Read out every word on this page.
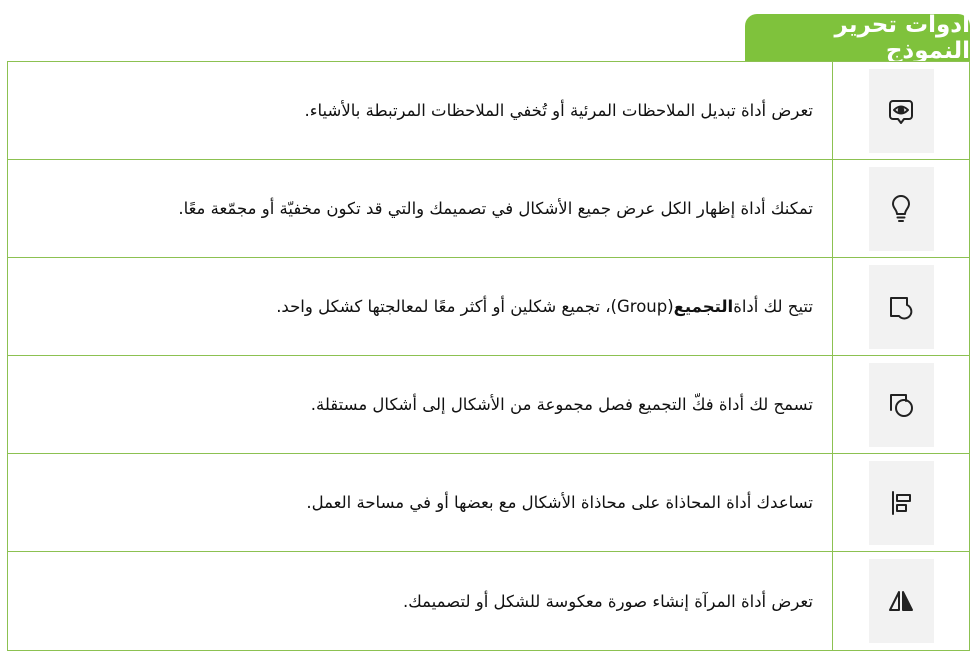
أدوات تحرير النموذج
تعرض أداة تبديل الملاحظات المرئية أو تُخفي الملاحظات المرتبطة بالأشياء.
تمكنك أداة إظهار الكل عرض جميع الأشكال في تصميمك والتي قد تكون مخفيّة أو مجمّعة معًا.
تتيح لك أداة
التجميع
(Group)، تجميع شكلين أو أكثر معًا لمعالجتها كشكل واحد.
تسمح لك أداة فكّ التجميع فصل مجموعة من الأشكال إلى أشكال مستقلة.
تساعدك أداة المحاذاة على محاذاة الأشكال مع بعضها أو في مساحة العمل.
تعرض أداة المرآة إنشاء صورة معكوسة للشكل أو لتصميمك.
